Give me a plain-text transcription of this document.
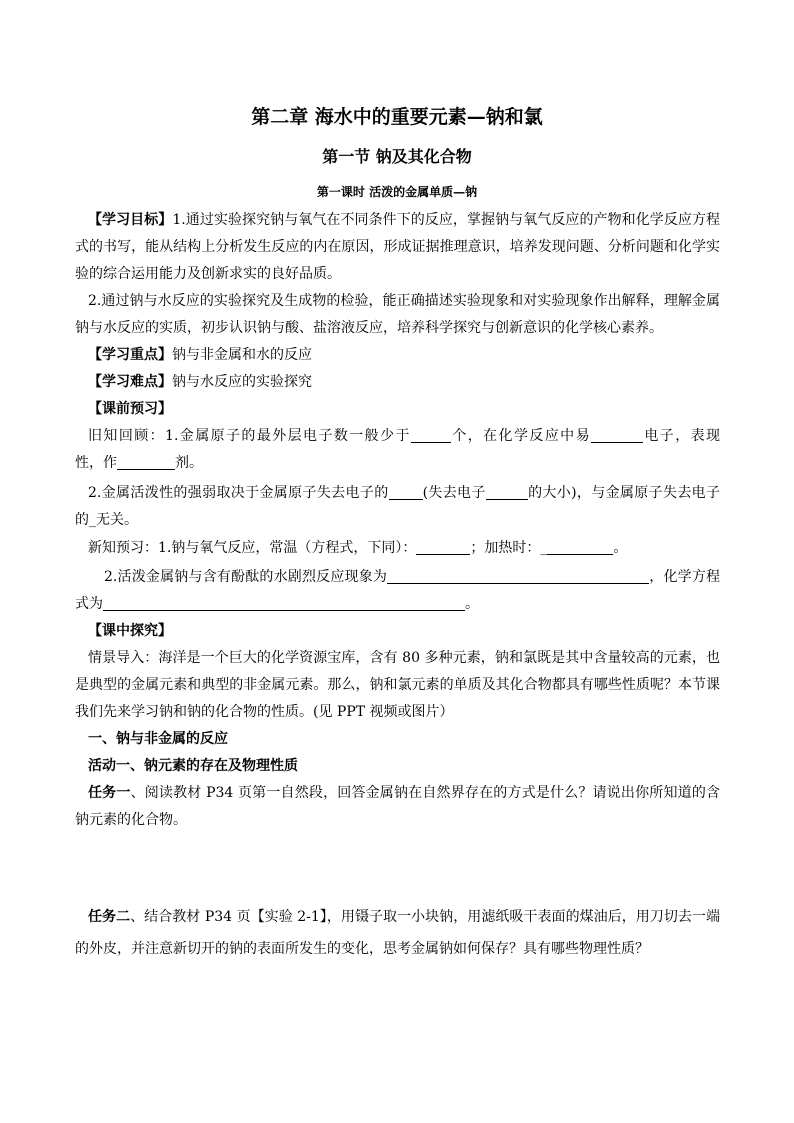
第二章 海水中的重要元素—钠和氯
第一节 钠及其化合物
第一课时 活泼的金属单质—钠
【学习目标】1.通过实验探究钠与氧气在不同条件下的反应，掌握钠与氧气反应的产物和化学反应方程
式的书写，能从结构上分析发生反应的内在原因，形成证据推理意识，培养发现问题、分析问题和化学实
验的综合运用能力及创新求实的良好品质。
2.通过钠与水反应的实验探究及生成物的检验，能正确描述实验现象和对实验现象作出解释，理解金属
钠与水反应的实质，初步认识钠与酸、盐溶液反应，培养科学探究与创新意识的化学核心素养。
【学习重点】钠与非金属和水的反应
【学习难点】钠与水反应的实验探究
【课前预习】
旧知回顾：1.金属原子的最外层电子数一般少于	个，在化学反应中易	电子，表现
性，作	剂。
2.金属活泼性的强弱取决于金属原子失去电子的 (失去电子	的大小)，与金属原子失去电子
的_无关。
新知预习：1.钠与氧气反应，常温（方程式，下同）：	；加热时：_	。
2.活泼金属钠与含有酚酞的水剧烈反应现象为	，化学方程
式为	。
【课中探究】
情景导入：海洋是一个巨大的化学资源宝库，含有 80 多种元素，钠和氯既是其中含量较高的元素，也
是典型的金属元素和典型的非金属元素。那么，钠和氯元素的单质及其化合物都具有哪些性质呢？本节课
我们先来学习钠和钠的化合物的性质。(见 PPT 视频或图片）
一、钠与非金属的反应
活动一、钠元素的存在及物理性质
任务一、阅读教材 P34 页第一自然段，回答金属钠在自然界存在的方式是什么？请说出你所知道的含
钠元素的化合物。
任务二、结合教材 P34 页【实验 2-1】，用镊子取一小块钠，用滤纸吸干表面的煤油后，用刀切去一端
的外皮，并注意新切开的钠的表面所发生的变化，思考金属钠如何保存？具有哪些物理性质？
